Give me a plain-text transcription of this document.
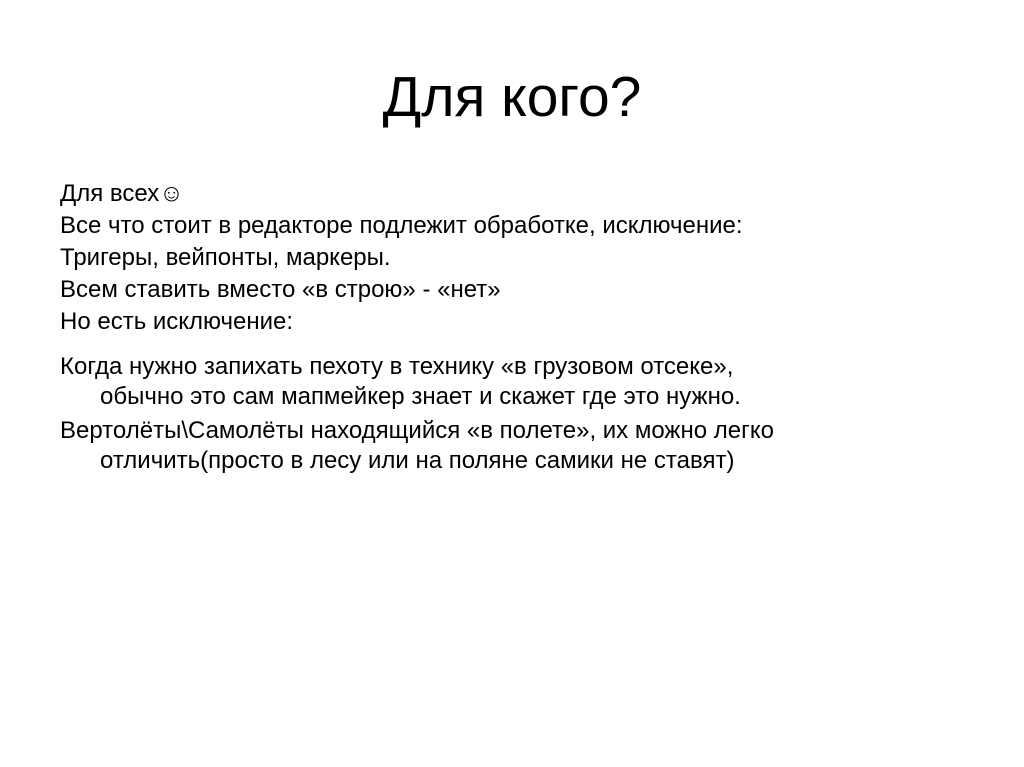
Для кого?
Для всех☺
Все что стоит в редакторе подлежит обработке, исключение:
Тригеры, вейпонты, маркеры.
Всем ставить вместо «в строю» - «нет»
Но есть исключение:
Когда нужно запихать пехоту в технику «в грузовом отсеке»,
обычно это сам мапмейкер знает и скажет где это нужно.
Вертолёты\Самолёты находящийся «в полете», их можно легко
отличить(просто в лесу или на поляне самики не ставят)
